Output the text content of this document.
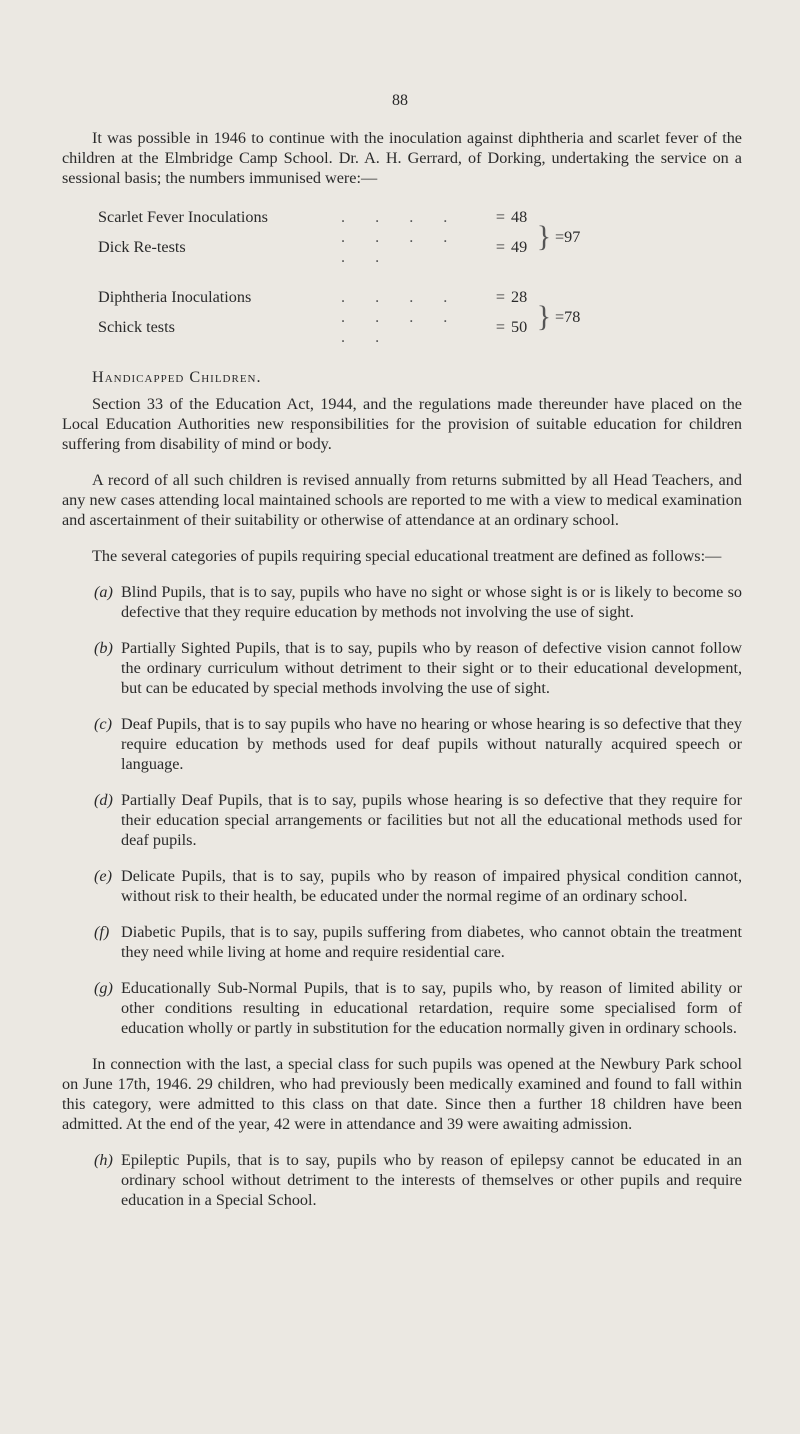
88

It was possible in 1946 to continue with the inoculation against diphtheria and scarlet fever of the children at the Elmbridge Camp School. Dr. A. H. Gerrard, of Dorking, undertaking the service on a sessional basis; the numbers immunised were:—

Scarlet Fever Inoculations	. . . .	=	48	}	=97
Dick Re-tests	. . . . . .	=	49		

Diphtheria Inoculations	. . . .	=	28	}	=78
Schick tests	. . . . . .	=	50		
Handicapped Children.

Section 33 of the Education Act, 1944, and the regulations made thereunder have placed on the Local Education Authorities new responsibilities for the provision of suitable education for children suffering from disability of mind or body.

A record of all such children is revised annually from returns submitted by all Head Teachers, and any new cases attending local maintained schools are reported to me with a view to medical examination and ascertainment of their suitability or otherwise of attendance at an ordinary school.

The several categories of pupils requiring special educational treatment are defined as follows:—

(a) Blind Pupils, that is to say, pupils who have no sight or whose sight is or is likely to become so defective that they require education by methods not involving the use of sight.
(b) Partially Sighted Pupils, that is to say, pupils who by reason of defective vision cannot follow the ordinary curriculum without detriment to their sight or to their educational development, but can be educated by special methods involving the use of sight.
(c) Deaf Pupils, that is to say pupils who have no hearing or whose hearing is so defective that they require education by methods used for deaf pupils without naturally acquired speech or language.
(d) Partially Deaf Pupils, that is to say, pupils whose hearing is so defective that they require for their education special arrangements or facilities but not all the educational methods used for deaf pupils.
(e) Delicate Pupils, that is to say, pupils who by reason of impaired physical condition cannot, without risk to their health, be educated under the normal regime of an ordinary school.
(f) Diabetic Pupils, that is to say, pupils suffering from diabetes, who cannot obtain the treatment they need while living at home and require residential care.
(g) Educationally Sub-Normal Pupils, that is to say, pupils who, by reason of limited ability or other conditions resulting in educational retardation, require some specialised form of education wholly or partly in substitution for the education normally given in ordinary schools.

In connection with the last, a special class for such pupils was opened at the Newbury Park school on June 17th, 1946. 29 children, who had previously been medically examined and found to fall within this category, were admitted to this class on that date. Since then a further 18 children have been admitted. At the end of the year, 42 were in attendance and 39 were awaiting admission.

(h) Epileptic Pupils, that is to say, pupils who by reason of epilepsy cannot be educated in an ordinary school without detriment to the interests of themselves or other pupils and require education in a Special School.
